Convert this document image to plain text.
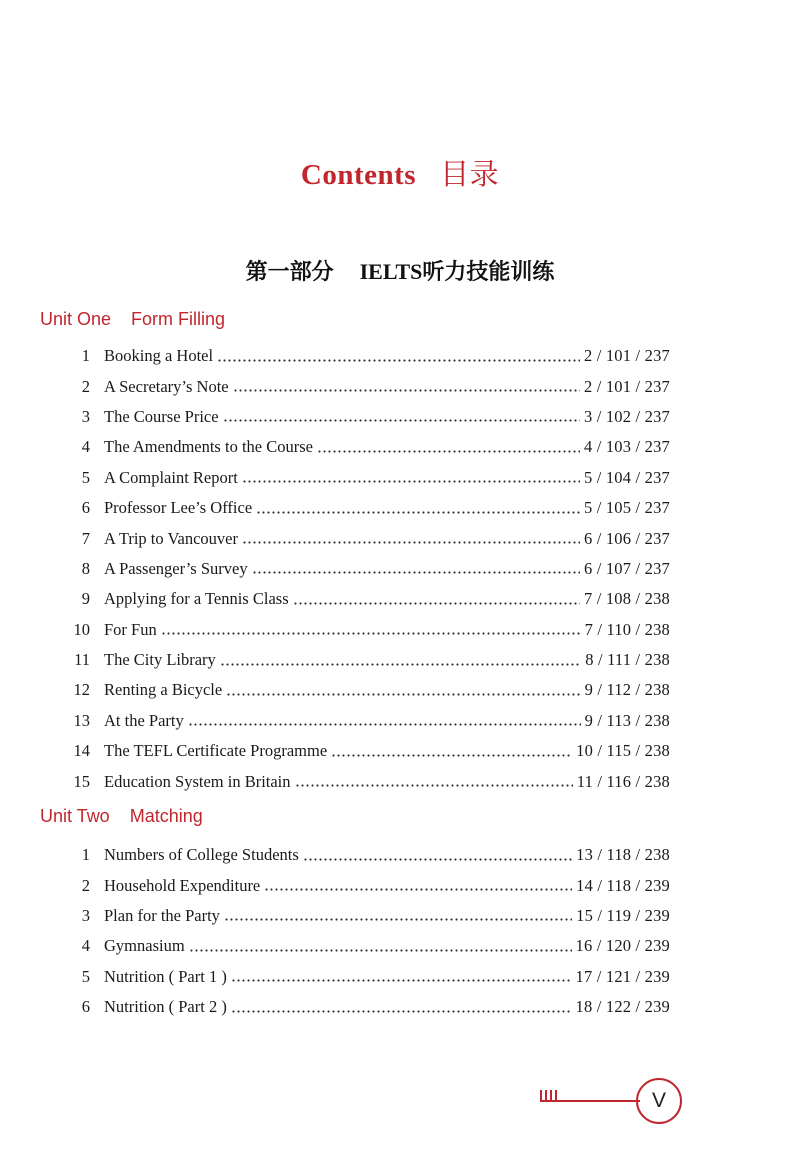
Contents 目录
第一部分 IELTS听力技能训练
Unit One Form Filling
1 Booking a Hotel	2 / 101 / 237
2 A Secretary’s Note	2 / 101 / 237
3 The Course Price	3 / 102 / 237
4 The Amendments to the Course	4 / 103 / 237
5 A Complaint Report	5 / 104 / 237
6 Professor Lee’s Office	5 / 105 / 237
7 A Trip to Vancouver	6 / 106 / 237
8 A Passenger’s Survey	6 / 107 / 237
9 Applying for a Tennis Class	7 / 108 / 238
10 For Fun	7 / 110 / 238
11 The City Library	8 / 111 / 238
12 Renting a Bicycle	9 / 112 / 238
13 At the Party	9 / 113 / 238
14 The TEFL Certificate Programme	10 / 115 / 238
15 Education System in Britain	11 / 116 / 238
Unit Two Matching
1 Numbers of College Students	13 / 118 / 238
2 Household Expenditure	14 / 118 / 239
3 Plan for the Party	15 / 119 / 239
4 Gymnasium	16 / 120 / 239
5 Nutrition ( Part 1 )	17 / 121 / 239
6 Nutrition ( Part 2 )	18 / 122 / 239
V
